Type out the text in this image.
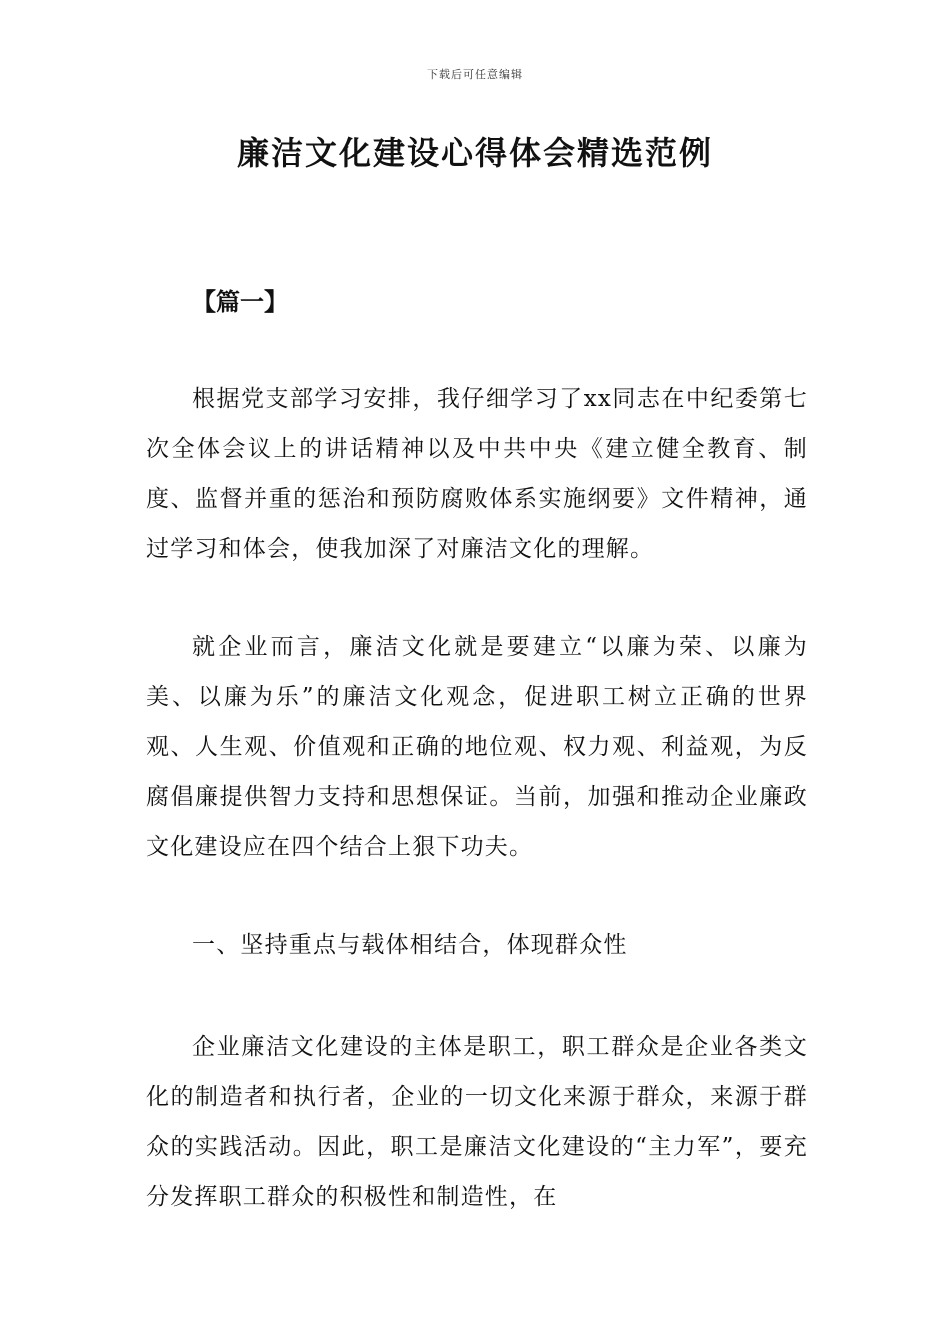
下载后可任意编辑
廉洁文化建设心得体会精选范例
【篇一】

根据党支部学习安排，我仔细学习了xx同志在中纪委第七次全体会议上的讲话精神以及中共中央《建立健全教育、制度、监督并重的惩治和预防腐败体系实施纲要》文件精神，通过学习和体会，使我加深了对廉洁文化的理解。

就企业而言，廉洁文化就是要建立“以廉为荣、以廉为美、以廉为乐”的廉洁文化观念，促进职工树立正确的世界观、人生观、价值观和正确的地位观、权力观、利益观，为反腐倡廉提供智力支持和思想保证。当前，加强和推动企业廉政文化建设应在四个结合上狠下功夫。

一、坚持重点与载体相结合，体现群众性

企业廉洁文化建设的主体是职工，职工群众是企业各类文化的制造者和执行者，企业的一切文化来源于群众，来源于群众的实践活动。因此，职工是廉洁文化建设的“主力军”，要充分发挥职工群众的积极性和制造性，在
